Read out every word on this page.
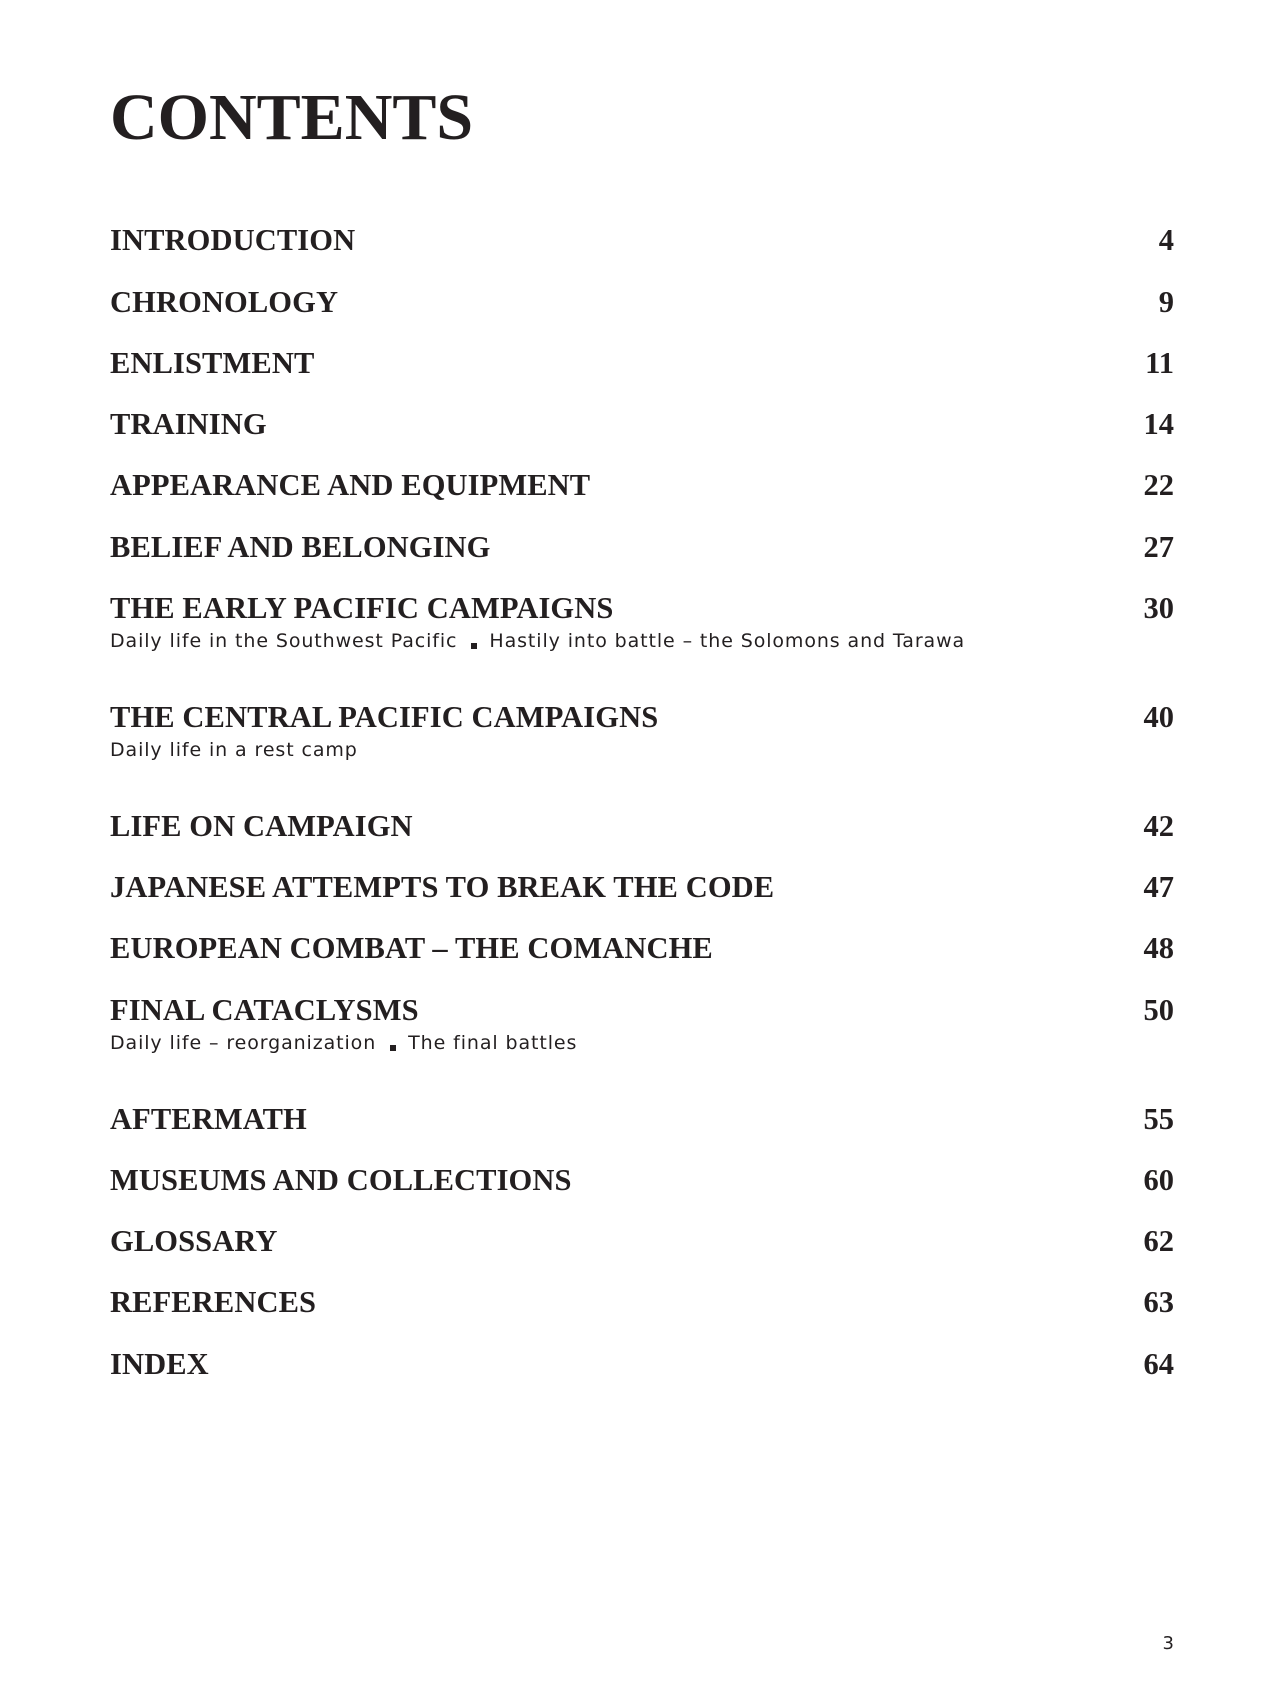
CONTENTS
INTRODUCTION	4
CHRONOLOGY	9
ENLISTMENT	11
TRAINING	14
APPEARANCE AND EQUIPMENT	22
BELIEF AND BELONGING	27
THE EARLY PACIFIC CAMPAIGNS	30
Daily life in the Southwest Pacific Hastily into battle – the Solomons and Tarawa
THE CENTRAL PACIFIC CAMPAIGNS	40
Daily life in a rest camp
LIFE ON CAMPAIGN	42
JAPANESE ATTEMPTS TO BREAK THE CODE	47
EUROPEAN COMBAT – THE COMANCHE	48
FINAL CATACLYSMS	50
Daily life – reorganization The final battles
AFTERMATH	55
MUSEUMS AND COLLECTIONS	60
GLOSSARY	62
REFERENCES	63
INDEX	64
3
